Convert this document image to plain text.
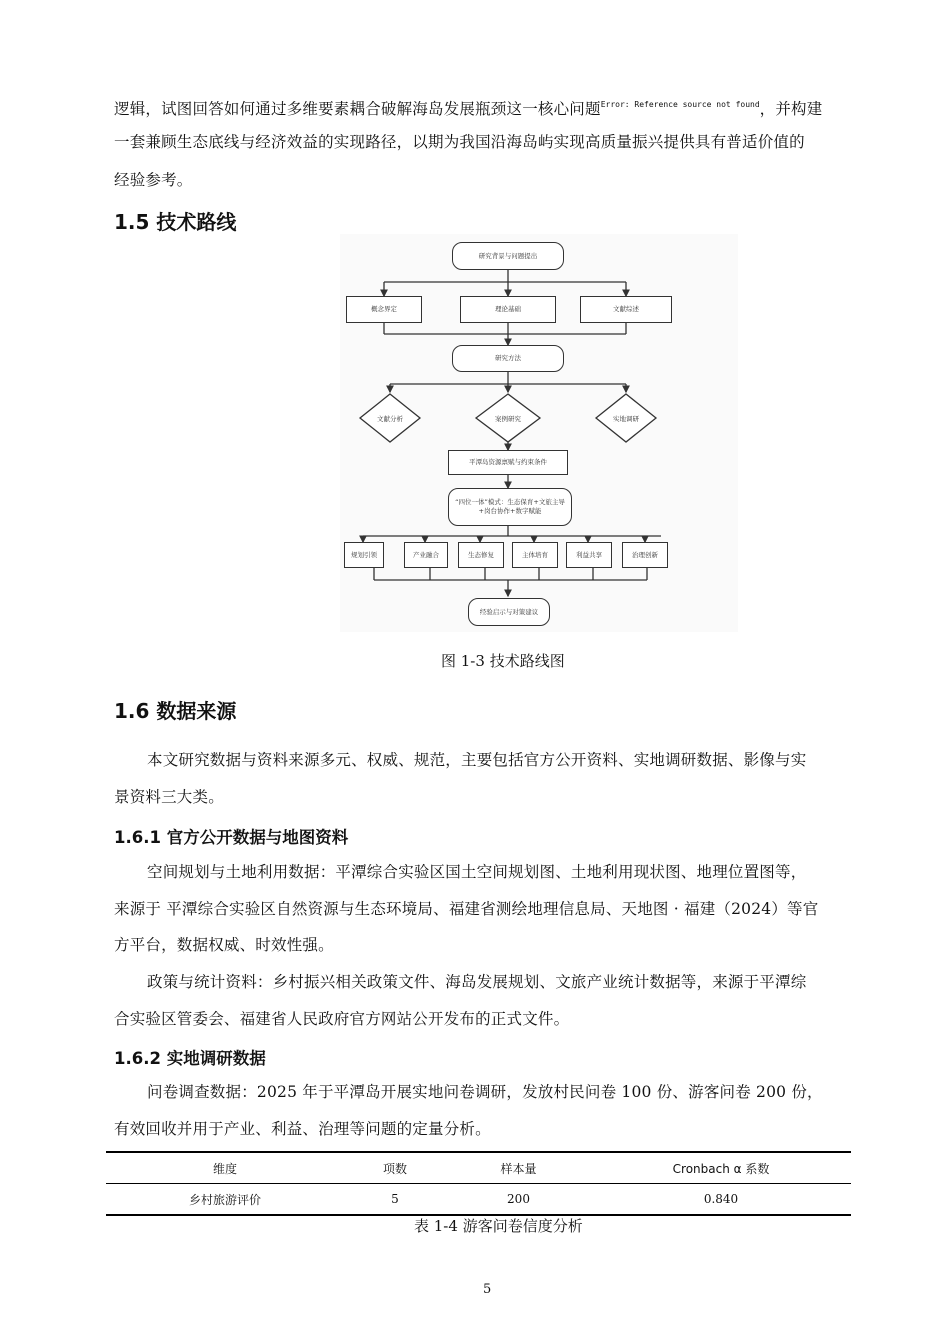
逻辑，试图回答如何通过多维要素耦合破解海岛发展瓶颈这一核心问题$^{Error: Reference source not found}$，并构建
一套兼顾生态底线与经济效益的实现路径，以期为我国沿海岛屿实现高质量振兴提供具有普适价值的
经验参考。
1.5 技术路线
研究背景与问题提出
概念界定	理论基础	文献综述
研究方法
文献分析	案例研究	实地调研
平潭岛资源禀赋与约束条件
“四位一体”模式：生态保育+文旅主导+岗台协作+数字赋能
规划引领	产业融合	生态修复	主体培育	利益共享	治理创新
经验启示与对策建议
图 1-3 技术路线图
1.6 数据来源
本文研究数据与资料来源多元、权威、规范，主要包括官方公开资料、实地调研数据、影像与实
景资料三大类。
1.6.1 官方公开数据与地图资料
空间规划与土地利用数据：平潭综合实验区国土空间规划图、土地利用现状图、地理位置图等，
来源于 平潭综合实验区自然资源与生态环境局、福建省测绘地理信息局、天地图 · 福建（2024）等官
方平台，数据权威、时效性强。
政策与统计资料：乡村振兴相关政策文件、海岛发展规划、文旅产业统计数据等，来源于平潭综
合实验区管委会、福建省人民政府官方网站公开发布的正式文件。
1.6.2 实地调研数据
问卷调查数据：2025 年于平潭岛开展实地问卷调研，发放村民问卷 100 份、游客问卷 200 份，
有效回收并用于产业、利益、治理等问题的定量分析。
维度	项数	样本量	Cronbach α 系数
乡村旅游评价	5	200	0.840
表 1-4 游客问卷信度分析
5
